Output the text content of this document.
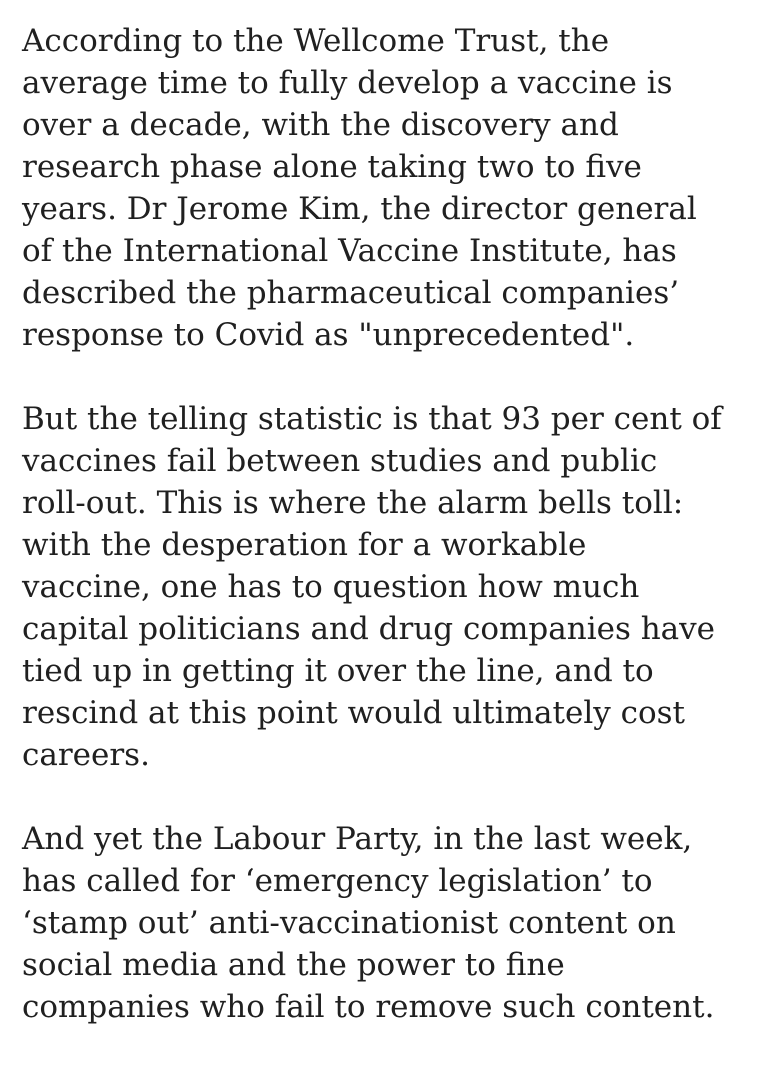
According to the Wellcome Trust, the
average time to fully develop a vaccine is
over a decade, with the discovery and
research phase alone taking two to five
years. Dr Jerome Kim, the director general
of the International Vaccine Institute, has
described the pharmaceutical companies’
response to Covid as "unprecedented".

But the telling statistic is that 93 per cent of
vaccines fail between studies and public
roll-out. This is where the alarm bells toll:
with the desperation for a workable
vaccine, one has to question how much
capital politicians and drug companies have
tied up in getting it over the line, and to
rescind at this point would ultimately cost
careers.

And yet the Labour Party, in the last week,
has called for ‘emergency legislation’ to
‘stamp out’ anti-vaccinationist content on
social media and the power to fine
companies who fail to remove such content.
